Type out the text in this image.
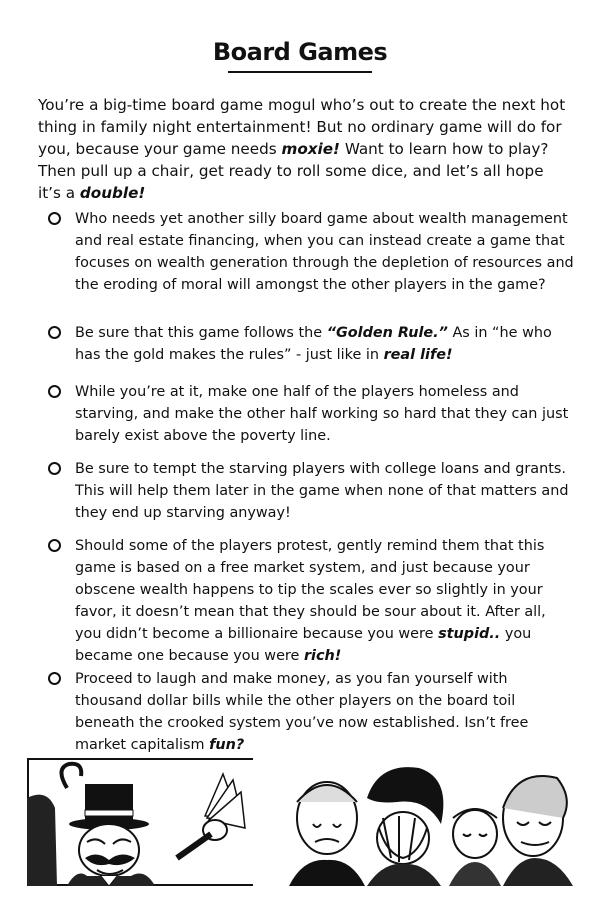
Board Games

You’re a big-time board game mogul who’s out to create the next hot thing in family night entertainment! But no ordinary game will do for you, because your game needs moxie! Want to learn how to play? Then pull up a chair, get ready to roll some dice, and let’s all hope it’s a double!

Who needs yet another silly board game about wealth management and real estate financing, when you can instead create a game that focuses on wealth generation through the depletion of resources and the eroding of moral will amongst the other players in the game?
Be sure that this game follows the “Golden Rule.” As in “he who has the gold makes the rules” - just like in real life!
While you’re at it, make one half of the players homeless and starving, and make the other half working so hard that they can just barely exist above the poverty line.
Be sure to tempt the starving players with college loans and grants. This will help them later in the game when none of that matters and they end up starving anyway!
Should some of the players protest, gently remind them that this game is based on a free market system, and just because your obscene wealth happens to tip the scales ever so slightly in your favor, it doesn’t mean that they should be sour about it. After all, you didn’t become a billionaire because you were stupid.. you became one because you were rich!
Proceed to laugh and make money, as you fan yourself with thousand dollar bills while the other players on the board toil beneath the crooked system you’ve now established. Isn’t free market capitalism fun?
